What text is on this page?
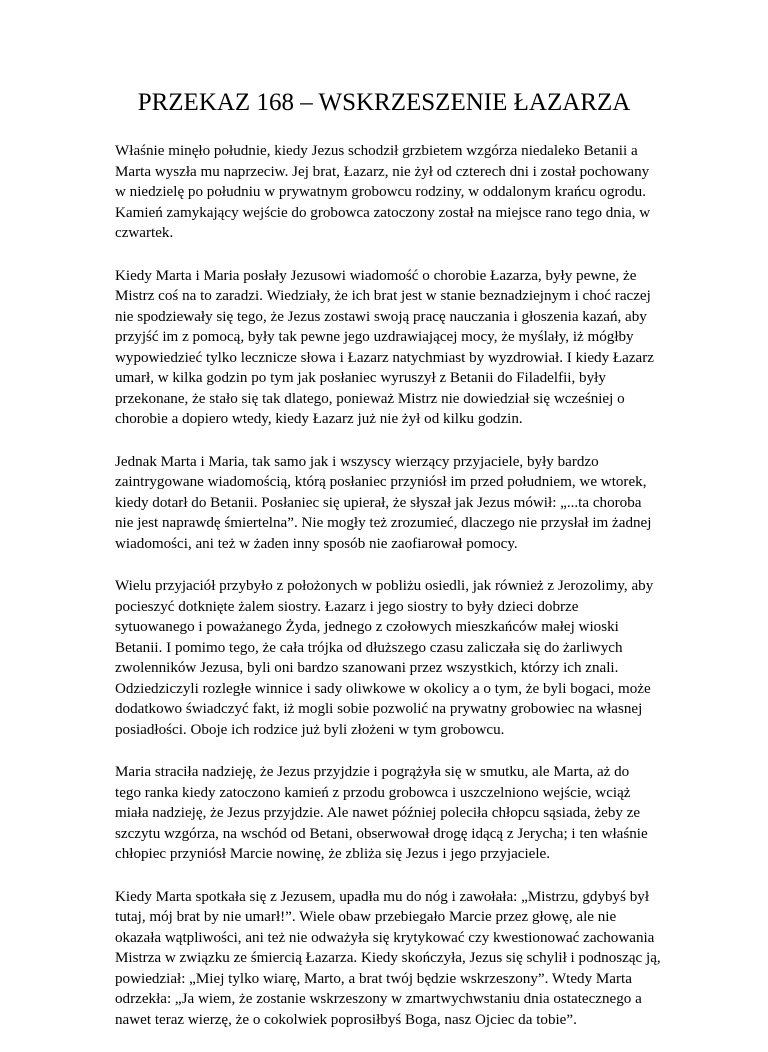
PRZEKAZ 168 – WSKRZESZENIE ŁAZARZA

Właśnie minęło południe, kiedy Jezus schodził grzbietem wzgórza niedaleko Betanii a
Marta wyszła mu naprzeciw. Jej brat, Łazarz, nie żył od czterech dni i został pochowany
w niedzielę po południu w prywatnym grobowcu rodziny, w oddalonym krańcu ogrodu.
Kamień zamykający wejście do grobowca zatoczony został na miejsce rano tego dnia, w
czwartek.

Kiedy Marta i Maria posłały Jezusowi wiadomość o chorobie Łazarza, były pewne, że
Mistrz coś na to zaradzi. Wiedziały, że ich brat jest w stanie beznadziejnym i choć raczej
nie spodziewały się tego, że Jezus zostawi swoją pracę nauczania i głoszenia kazań, aby
przyjść im z pomocą, były tak pewne jego uzdrawiającej mocy, że myślały, iż mógłby
wypowiedzieć tylko lecznicze słowa i Łazarz natychmiast by wyzdrowiał. I kiedy Łazarz
umarł, w kilka godzin po tym jak posłaniec wyruszył z Betanii do Filadelfii, były
przekonane, że stało się tak dlatego, ponieważ Mistrz nie dowiedział się wcześniej o
chorobie a dopiero wtedy, kiedy Łazarz już nie żył od kilku godzin.

Jednak Marta i Maria, tak samo jak i wszyscy wierzący przyjaciele, były bardzo
zaintrygowane wiadomością, którą posłaniec przyniósł im przed południem, we wtorek,
kiedy dotarł do Betanii. Posłaniec się upierał, że słyszał jak Jezus mówił: „...ta choroba
nie jest naprawdę śmiertelna”. Nie mogły też zrozumieć, dlaczego nie przysłał im żadnej
wiadomości, ani też w żaden inny sposób nie zaofiarował pomocy.

Wielu przyjaciół przybyło z położonych w pobliżu osiedli, jak również z Jerozolimy, aby
pocieszyć dotknięte żalem siostry. Łazarz i jego siostry to były dzieci dobrze
sytuowanego i poważanego Żyda, jednego z czołowych mieszkańców małej wioski
Betanii. I pomimo tego, że cała trójka od dłuższego czasu zaliczała się do żarliwych
zwolenników Jezusa, byli oni bardzo szanowani przez wszystkich, którzy ich znali.
Odziedziczyli rozległe winnice i sady oliwkowe w okolicy a o tym, że byli bogaci, może
dodatkowo świadczyć fakt, iż mogli sobie pozwolić na prywatny grobowiec na własnej
posiadłości. Oboje ich rodzice już byli złożeni w tym grobowcu.

Maria straciła nadzieję, że Jezus przyjdzie i pogrążyła się w smutku, ale Marta, aż do
tego ranka kiedy zatoczono kamień z przodu grobowca i uszczelniono wejście, wciąż
miała nadzieję, że Jezus przyjdzie. Ale nawet później poleciła chłopcu sąsiada, żeby ze
szczytu wzgórza, na wschód od Betani, obserwował drogę idącą z Jerycha; i ten właśnie
chłopiec przyniósł Marcie nowinę, że zbliża się Jezus i jego przyjaciele.

Kiedy Marta spotkała się z Jezusem, upadła mu do nóg i zawołała: „Mistrzu, gdybyś był
tutaj, mój brat by nie umarł!”. Wiele obaw przebiegało Marcie przez głowę, ale nie
okazała wątpliwości, ani też nie odważyła się krytykować czy kwestionować zachowania
Mistrza w związku ze śmiercią Łazarza. Kiedy skończyła, Jezus się schylił i podnosząc ją,
powiedział: „Miej tylko wiarę, Marto, a brat twój będzie wskrzeszony”. Wtedy Marta
odrzekła: „Ja wiem, że zostanie wskrzeszony w zmartwychwstaniu dnia ostatecznego a
nawet teraz wierzę, że o cokolwiek poprosiłbyś Boga, nasz Ojciec da tobie”.
